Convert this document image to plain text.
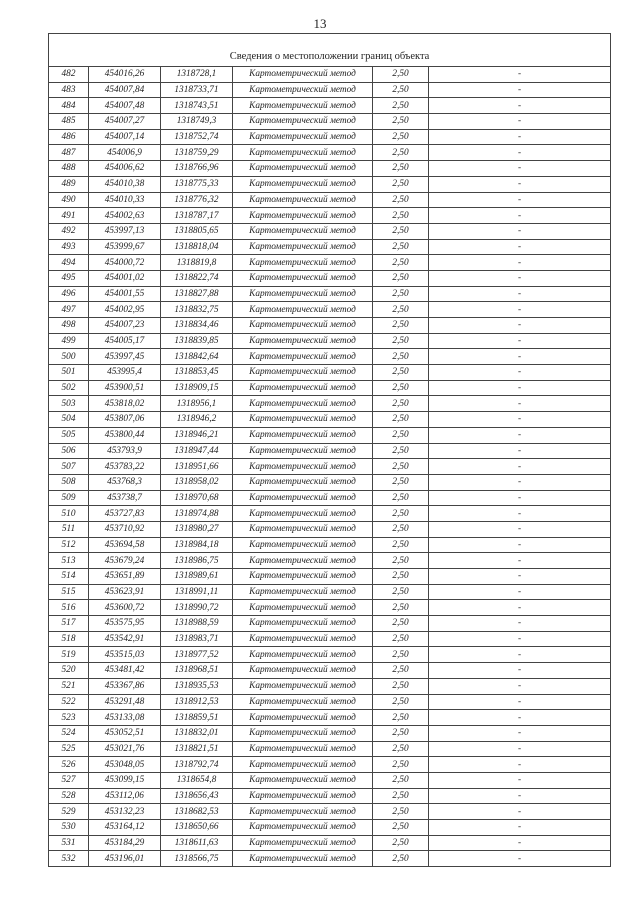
13
Сведения о местоположении границ объекта					
482	454016,26	1318728,1	Картометрический метод	2,50	-
483	454007,84	1318733,71	Картометрический метод	2,50	-
484	454007,48	1318743,51	Картометрический метод	2,50	-
485	454007,27	1318749,3	Картометрический метод	2,50	-
486	454007,14	1318752,74	Картометрический метод	2,50	-
487	454006,9	1318759,29	Картометрический метод	2,50	-
488	454006,62	1318766,96	Картометрический метод	2,50	-
489	454010,38	1318775,33	Картометрический метод	2,50	-
490	454010,33	1318776,32	Картометрический метод	2,50	-
491	454002,63	1318787,17	Картометрический метод	2,50	-
492	453997,13	1318805,65	Картометрический метод	2,50	-
493	453999,67	1318818,04	Картометрический метод	2,50	-
494	454000,72	1318819,8	Картометрический метод	2,50	-
495	454001,02	1318822,74	Картометрический метод	2,50	-
496	454001,55	1318827,88	Картометрический метод	2,50	-
497	454002,95	1318832,75	Картометрический метод	2,50	-
498	454007,23	1318834,46	Картометрический метод	2,50	-
499	454005,17	1318839,85	Картометрический метод	2,50	-
500	453997,45	1318842,64	Картометрический метод	2,50	-
501	453995,4	1318853,45	Картометрический метод	2,50	-
502	453900,51	1318909,15	Картометрический метод	2,50	-
503	453818,02	1318956,1	Картометрический метод	2,50	-
504	453807,06	1318946,2	Картометрический метод	2,50	-
505	453800,44	1318946,21	Картометрический метод	2,50	-
506	453793,9	1318947,44	Картометрический метод	2,50	-
507	453783,22	1318951,66	Картометрический метод	2,50	-
508	453768,3	1318958,02	Картометрический метод	2,50	-
509	453738,7	1318970,68	Картометрический метод	2,50	-
510	453727,83	1318974,88	Картометрический метод	2,50	-
511	453710,92	1318980,27	Картометрический метод	2,50	-
512	453694,58	1318984,18	Картометрический метод	2,50	-
513	453679,24	1318986,75	Картометрический метод	2,50	-
514	453651,89	1318989,61	Картометрический метод	2,50	-
515	453623,91	1318991,11	Картометрический метод	2,50	-
516	453600,72	1318990,72	Картометрический метод	2,50	-
517	453575,95	1318988,59	Картометрический метод	2,50	-
518	453542,91	1318983,71	Картометрический метод	2,50	-
519	453515,03	1318977,52	Картометрический метод	2,50	-
520	453481,42	1318968,51	Картометрический метод	2,50	-
521	453367,86	1318935,53	Картометрический метод	2,50	-
522	453291,48	1318912,53	Картометрический метод	2,50	-
523	453133,08	1318859,51	Картометрический метод	2,50	-
524	453052,51	1318832,01	Картометрический метод	2,50	-
525	453021,76	1318821,51	Картометрический метод	2,50	-
526	453048,05	1318792,74	Картометрический метод	2,50	-
527	453099,15	1318654,8	Картометрический метод	2,50	-
528	453112,06	1318656,43	Картометрический метод	2,50	-
529	453132,23	1318682,53	Картометрический метод	2,50	-
530	453164,12	1318650,66	Картометрический метод	2,50	-
531	453184,29	1318611,63	Картометрический метод	2,50	-
532	453196,01	1318566,75	Картометрический метод	2,50	-
